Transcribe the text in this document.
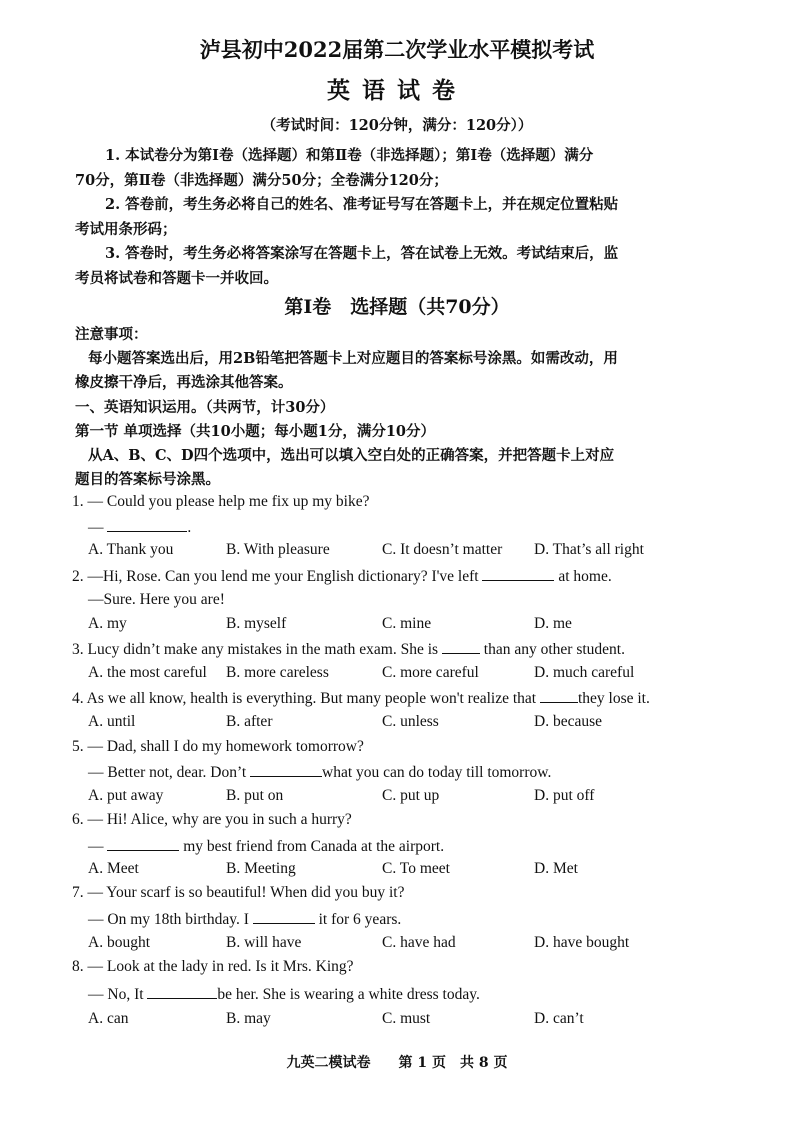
泸县初中2022届第二次学业水平模拟考试
英语试卷
（考试时间：120分钟，满分：120分））
1. 本试卷分为第Ⅰ卷（选择题）和第Ⅱ卷（非选择题）；第Ⅰ卷（选择题）满分
70分，第Ⅱ卷（非选择题）满分50分；全卷满分120分；
2. 答卷前，考生务必将自己的姓名、准考证号写在答题卡上，并在规定位置粘贴
考试用条形码；
3. 答卷时，考生务必将答案涂写在答题卡上，答在试卷上无效。考试结束后，监
考员将试卷和答题卡一并收回。
第Ⅰ卷　选择题（共70分）
注意事项：
每小题答案选出后，用2B铅笔把答题卡上对应题目的答案标号涂黑。如需改动，用
橡皮擦干净后，再选涂其他答案。
一、英语知识运用。（共两节，计30分）
第一节 单项选择（共10小题；每小题1分，满分10分）
从A、B、C、D四个选项中，选出可以填入空白处的正确答案，并把答题卡上对应
题目的答案标号涂黑。
1. — Could you please help me fix up my bike?
—	.
A. Thank you	B. With pleasure	C. It doesn’t matter D. That’s all right
2. —Hi, Rose. Can you lend me your English dictionary? I've left	at home.
—Sure. Here you are!
A. my	B. myself	C. mine	D. me
3. Lucy didn’t make any mistakes in the math exam. She is  than any other student.
A. the most careful B. more careless	C. more careful	D. much careful
4. As we all know, health is everything. But many people won't realize that they lose it.
A. until	B. after	C. unless	D. because
5. — Dad, shall I do my homework tomorrow?
— Better not, dear. Don’t	what you can do today till tomorrow.
A. put away	B. put on	C. put up	D. put off
6. — Hi! Alice, why are you in such a hurry?
—	my best friend from Canada at the airport.
A. Meet	B. Meeting	C. To meet	D. Met
7. — Your scarf is so beautiful! When did you buy it?
— On my 18th birthday. I	it for 6 years.
A. bought	B. will have	C. have had	D. have bought
8. — Look at the lady in red. Is it Mrs. King?
— No, It	be her. She is wearing a white dress today.
A. can	B. may	C. must	D. can’t
九英二模试卷　　第 1 页　共 8 页
